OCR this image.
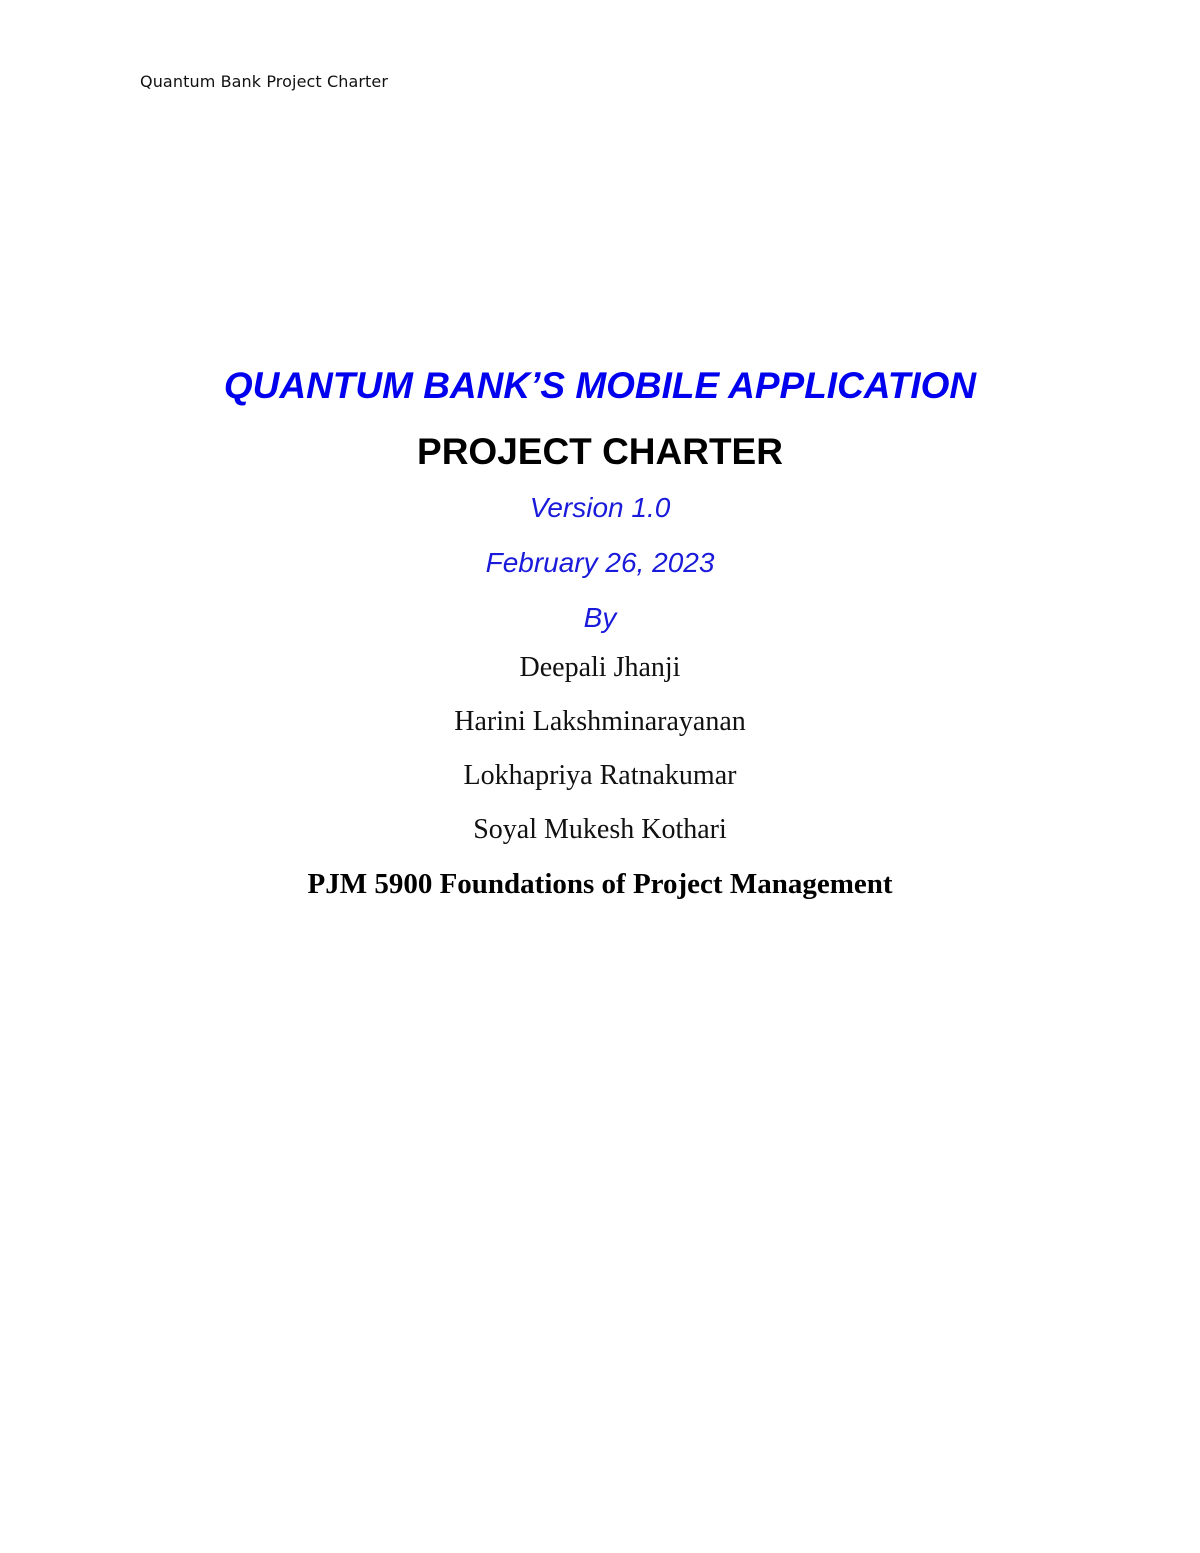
Quantum Bank Project Charter
QUANTUM BANK’S MOBILE APPLICATION
PROJECT CHARTER

Version 1.0

February 26, 2023

By

Deepali Jhanji
Harini Lakshminarayanan
Lokhapriya Ratnakumar
Soyal Mukesh Kothari

PJM 5900 Foundations of Project Management
